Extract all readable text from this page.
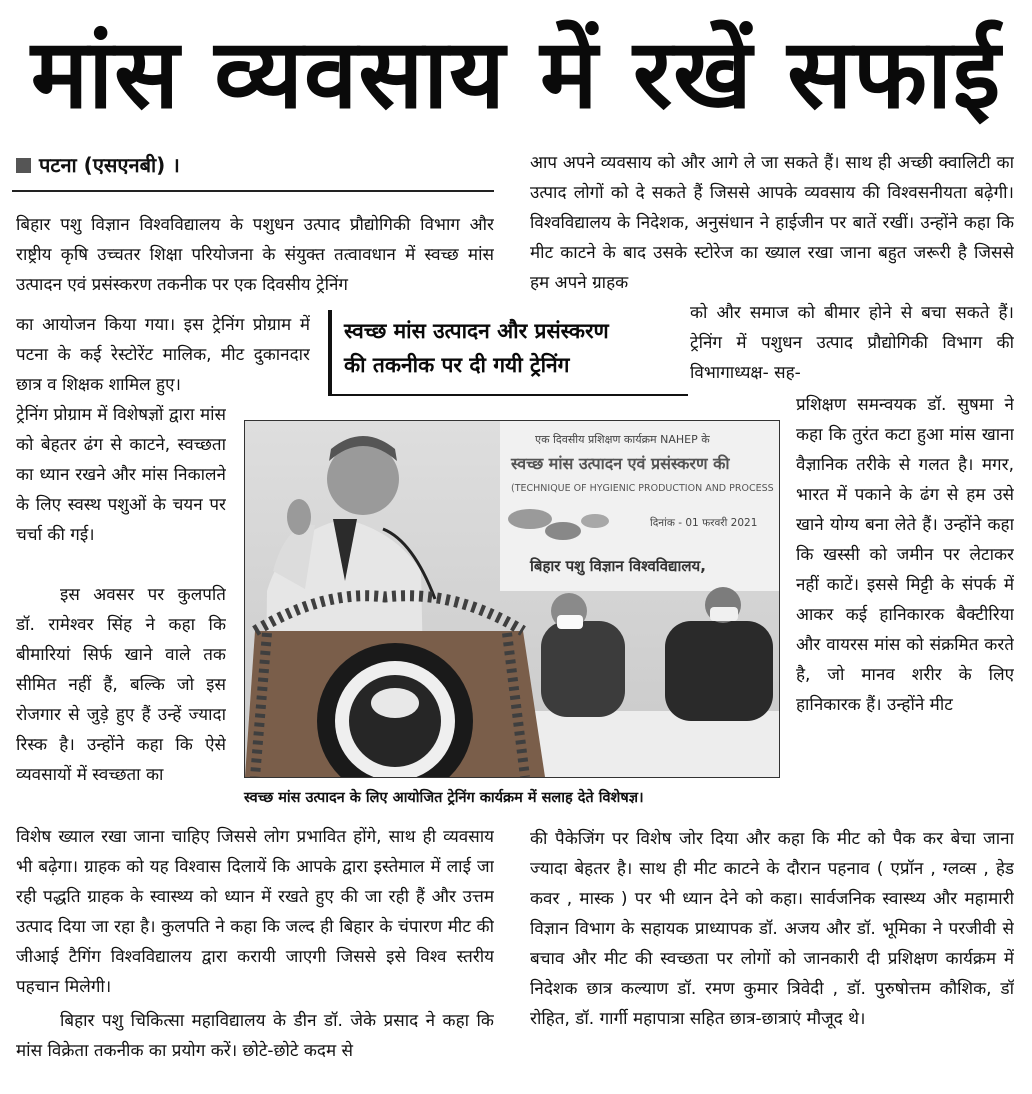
मांस व्यवसाय में रखें सफाई
पटना (एसएनबी) ।

बिहार पशु विज्ञान विश्वविद्यालय के पशुधन उत्पाद प्रौद्योगिकी विभाग और राष्ट्रीय कृषि उच्चतर शिक्षा परियोजना के संयुक्त तत्वावधान में स्वच्छ मांस उत्पादन एवं प्रसंस्करण तकनीक पर एक दिवसीय ट्रेनिंग

का आयोजन किया गया। इस ट्रेनिंग प्रोग्राम में पटना के कई रेस्टोरेंट मालिक, मीट दुकानदार छात्र व शिक्षक शामिल हुए।

ट्रेनिंग प्रोग्राम में विशेषज्ञों द्वारा मांस को बेहतर ढंग से काटने, स्वच्छता का ध्यान रखने और मांस निकालने के लिए स्वस्थ पशुओं के चयन पर चर्चा की गई।

इस अवसर पर कुलपति डॉ. रामेश्वर सिंह ने कहा कि बीमारियां सिर्फ खाने वाले तक सीमित नहीं हैं, बल्कि जो इस रोजगार से जुड़े हुए हैं उन्हें ज्यादा रिस्क है। उन्होंने कहा कि ऐसे व्यवसायों में स्वच्छता का

विशेष ख्याल रखा जाना चाहिए जिससे लोग प्रभावित होंगे, साथ ही व्यवसाय भी बढ़ेगा। ग्राहक को यह विश्वास दिलायें कि आपके द्वारा इस्तेमाल में लाई जा रही पद्धति ग्राहक के स्वास्थ्य को ध्यान में रखते हुए की जा रही हैं और उत्तम उत्पाद दिया जा रहा है। कुलपति ने कहा कि जल्द ही बिहार के चंपारण मीट की जीआई टैगिंग विश्वविद्यालय द्वारा करायी जाएगी जिससे इसे विश्व स्तरीय पहचान मिलेगी।

बिहार पशु चिकित्सा महाविद्यालय के डीन डॉ. जेके प्रसाद ने कहा कि मांस विक्रेता तकनीक का प्रयोग करें। छोटे-छोटे कदम से

स्वच्छ मांस उत्पादन और प्रसंस्करण
की तकनीक पर दी गयी ट्रेनिंग

आप अपने व्यवसाय को और आगे ले जा सकते हैं। साथ ही अच्छी क्वालिटी का उत्पाद लोगों को दे सकते हैं जिससे आपके व्यवसाय की विश्वसनीयता बढ़ेगी। विश्वविद्यालय के निदेशक, अनुसंधान ने हाईजीन पर बातें रखीं। उन्होंने कहा कि मीट काटने के बाद उसके स्टोरेज का ख्याल रखा जाना बहुत जरूरी है जिससे हम अपने ग्राहक

को और समाज को बीमार होने से बचा सकते हैं। ट्रेनिंग में पशुधन उत्पाद प्रौद्योगिकी विभाग की विभागाध्यक्ष- सह-

प्रशिक्षण समन्वयक डॉ. सुषमा ने कहा कि तुरंत कटा हुआ मांस खाना वैज्ञानिक तरीके से गलत है। मगर, भारत में पकाने के ढंग से हम उसे खाने योग्य बना लेते हैं। उन्होंने कहा कि खस्सी को जमीन पर लेटाकर नहीं काटें। इससे मिट्टी के संपर्क में आकर कई हानिकारक बैक्टीरिया और वायरस मांस को संक्रमित करते है, जो मानव शरीर के लिए हानिकारक हैं। उन्होंने मीट

की पैकेजिंग पर विशेष जोर दिया और कहा कि मीट को पैक कर बेचा जाना ज्यादा बेहतर है। साथ ही मीट काटने के दौरान पहनाव ( एप्रॉन , ग्लव्स , हेड कवर , मास्क ) पर भी ध्यान देने को कहा। सार्वजनिक स्वास्थ्य और महामारी विज्ञान विभाग के सहायक प्राध्यापक डॉ. अजय और डॉ. भूमिका ने परजीवी से बचाव और मीट की स्वच्छता पर लोगों को जानकारी दी प्रशिक्षण कार्यक्रम में निदेशक छात्र कल्याण डॉ. रमण कुमार त्रिवेदी , डॉ. पुरुषोत्तम कौशिक, डॉ रोहित, डॉ. गार्गी महापात्रा सहित छात्र-छात्राएं मौजूद थे।

एक दिवसीय प्रशिक्षण कार्यक्रम NAHEP के
स्वच्छ मांस उत्पादन एवं प्रसंस्करण की
(TECHNIQUE OF HYGIENIC PRODUCTION AND PROCESS
दिनांक - 01 फरवरी 2021
बिहार पशु विज्ञान विश्वविद्यालय,
स्वच्छ मांस उत्पादन के लिए आयोजित ट्रेनिंग कार्यक्रम में सलाह देते विशेषज्ञ।
